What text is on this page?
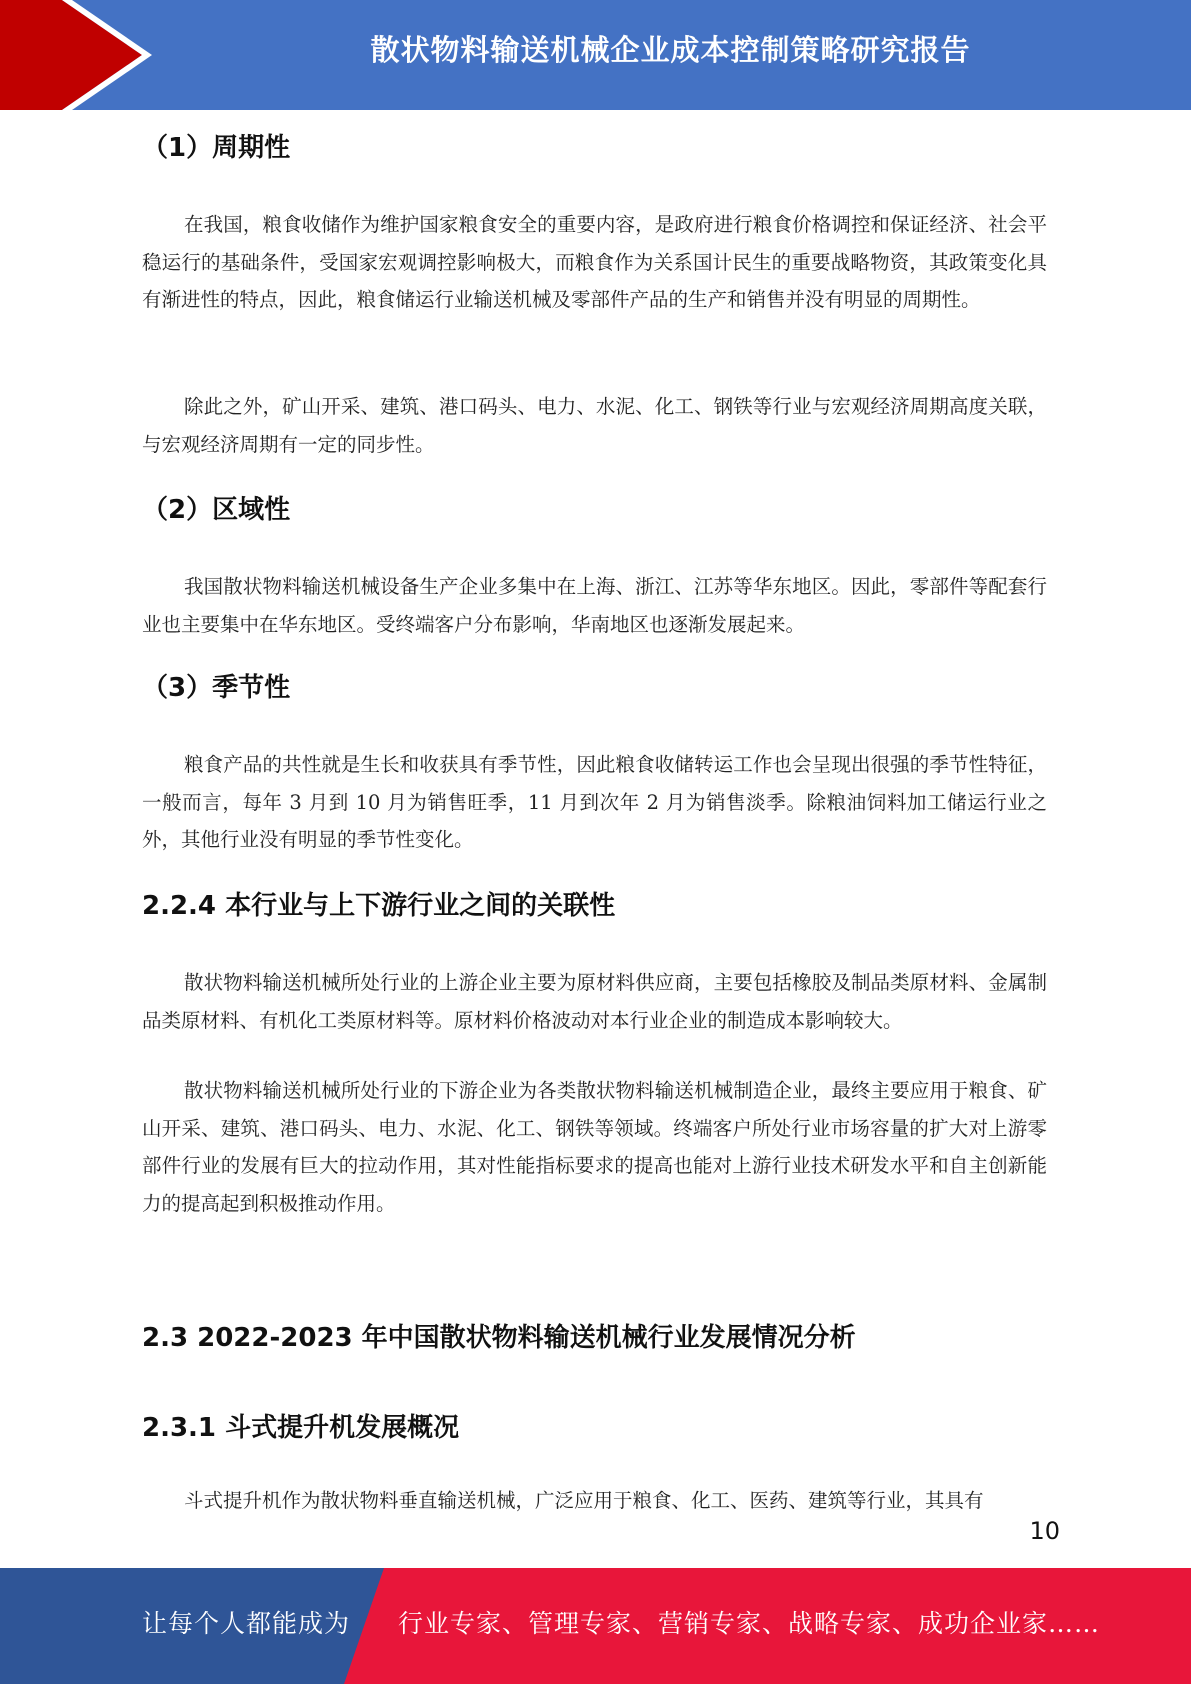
散状物料输送机械企业成本控制策略研究报告
（1）周期性

在我国，粮食收储作为维护国家粮食安全的重要内容，是政府进行粮食价格调控和保证经济、社会平稳运行的基础条件，受国家宏观调控影响极大，而粮食作为关系国计民生的重要战略物资，其政策变化具有渐进性的特点，因此，粮食储运行业输送机械及零部件产品的生产和销售并没有明显的周期性。

除此之外，矿山开采、建筑、港口码头、电力、水泥、化工、钢铁等行业与宏观经济周期高度关联，与宏观经济周期有一定的同步性。

（2）区域性

我国散状物料输送机械设备生产企业多集中在上海、浙江、江苏等华东地区。因此，零部件等配套行业也主要集中在华东地区。受终端客户分布影响，华南地区也逐渐发展起来。

（3）季节性

粮食产品的共性就是生长和收获具有季节性，因此粮食收储转运工作也会呈现出很强的季节性特征，一般而言，每年 3 月到 10 月为销售旺季，11 月到次年 2 月为销售淡季。除粮油饲料加工储运行业之外，其他行业没有明显的季节性变化。

2.2.4 本行业与上下游行业之间的关联性

散状物料输送机械所处行业的上游企业主要为原材料供应商，主要包括橡胶及制品类原材料、金属制品类原材料、有机化工类原材料等。原材料价格波动对本行业企业的制造成本影响较大。

散状物料输送机械所处行业的下游企业为各类散状物料输送机械制造企业，最终主要应用于粮食、矿山开采、建筑、港口码头、电力、水泥、化工、钢铁等领域。终端客户所处行业市场容量的扩大对上游零部件行业的发展有巨大的拉动作用，其对性能指标要求的提高也能对上游行业技术研发水平和自主创新能力的提高起到积极推动作用。

2.3 2022-2023 年中国散状物料输送机械行业发展情况分析
2.3.1 斗式提升机发展概况

斗式提升机作为散状物料垂直输送机械，广泛应用于粮食、化工、医药、建筑等行业，其具有

10
让每个人都能成为 行业专家、管理专家、营销专家、战略专家、成功企业家……
